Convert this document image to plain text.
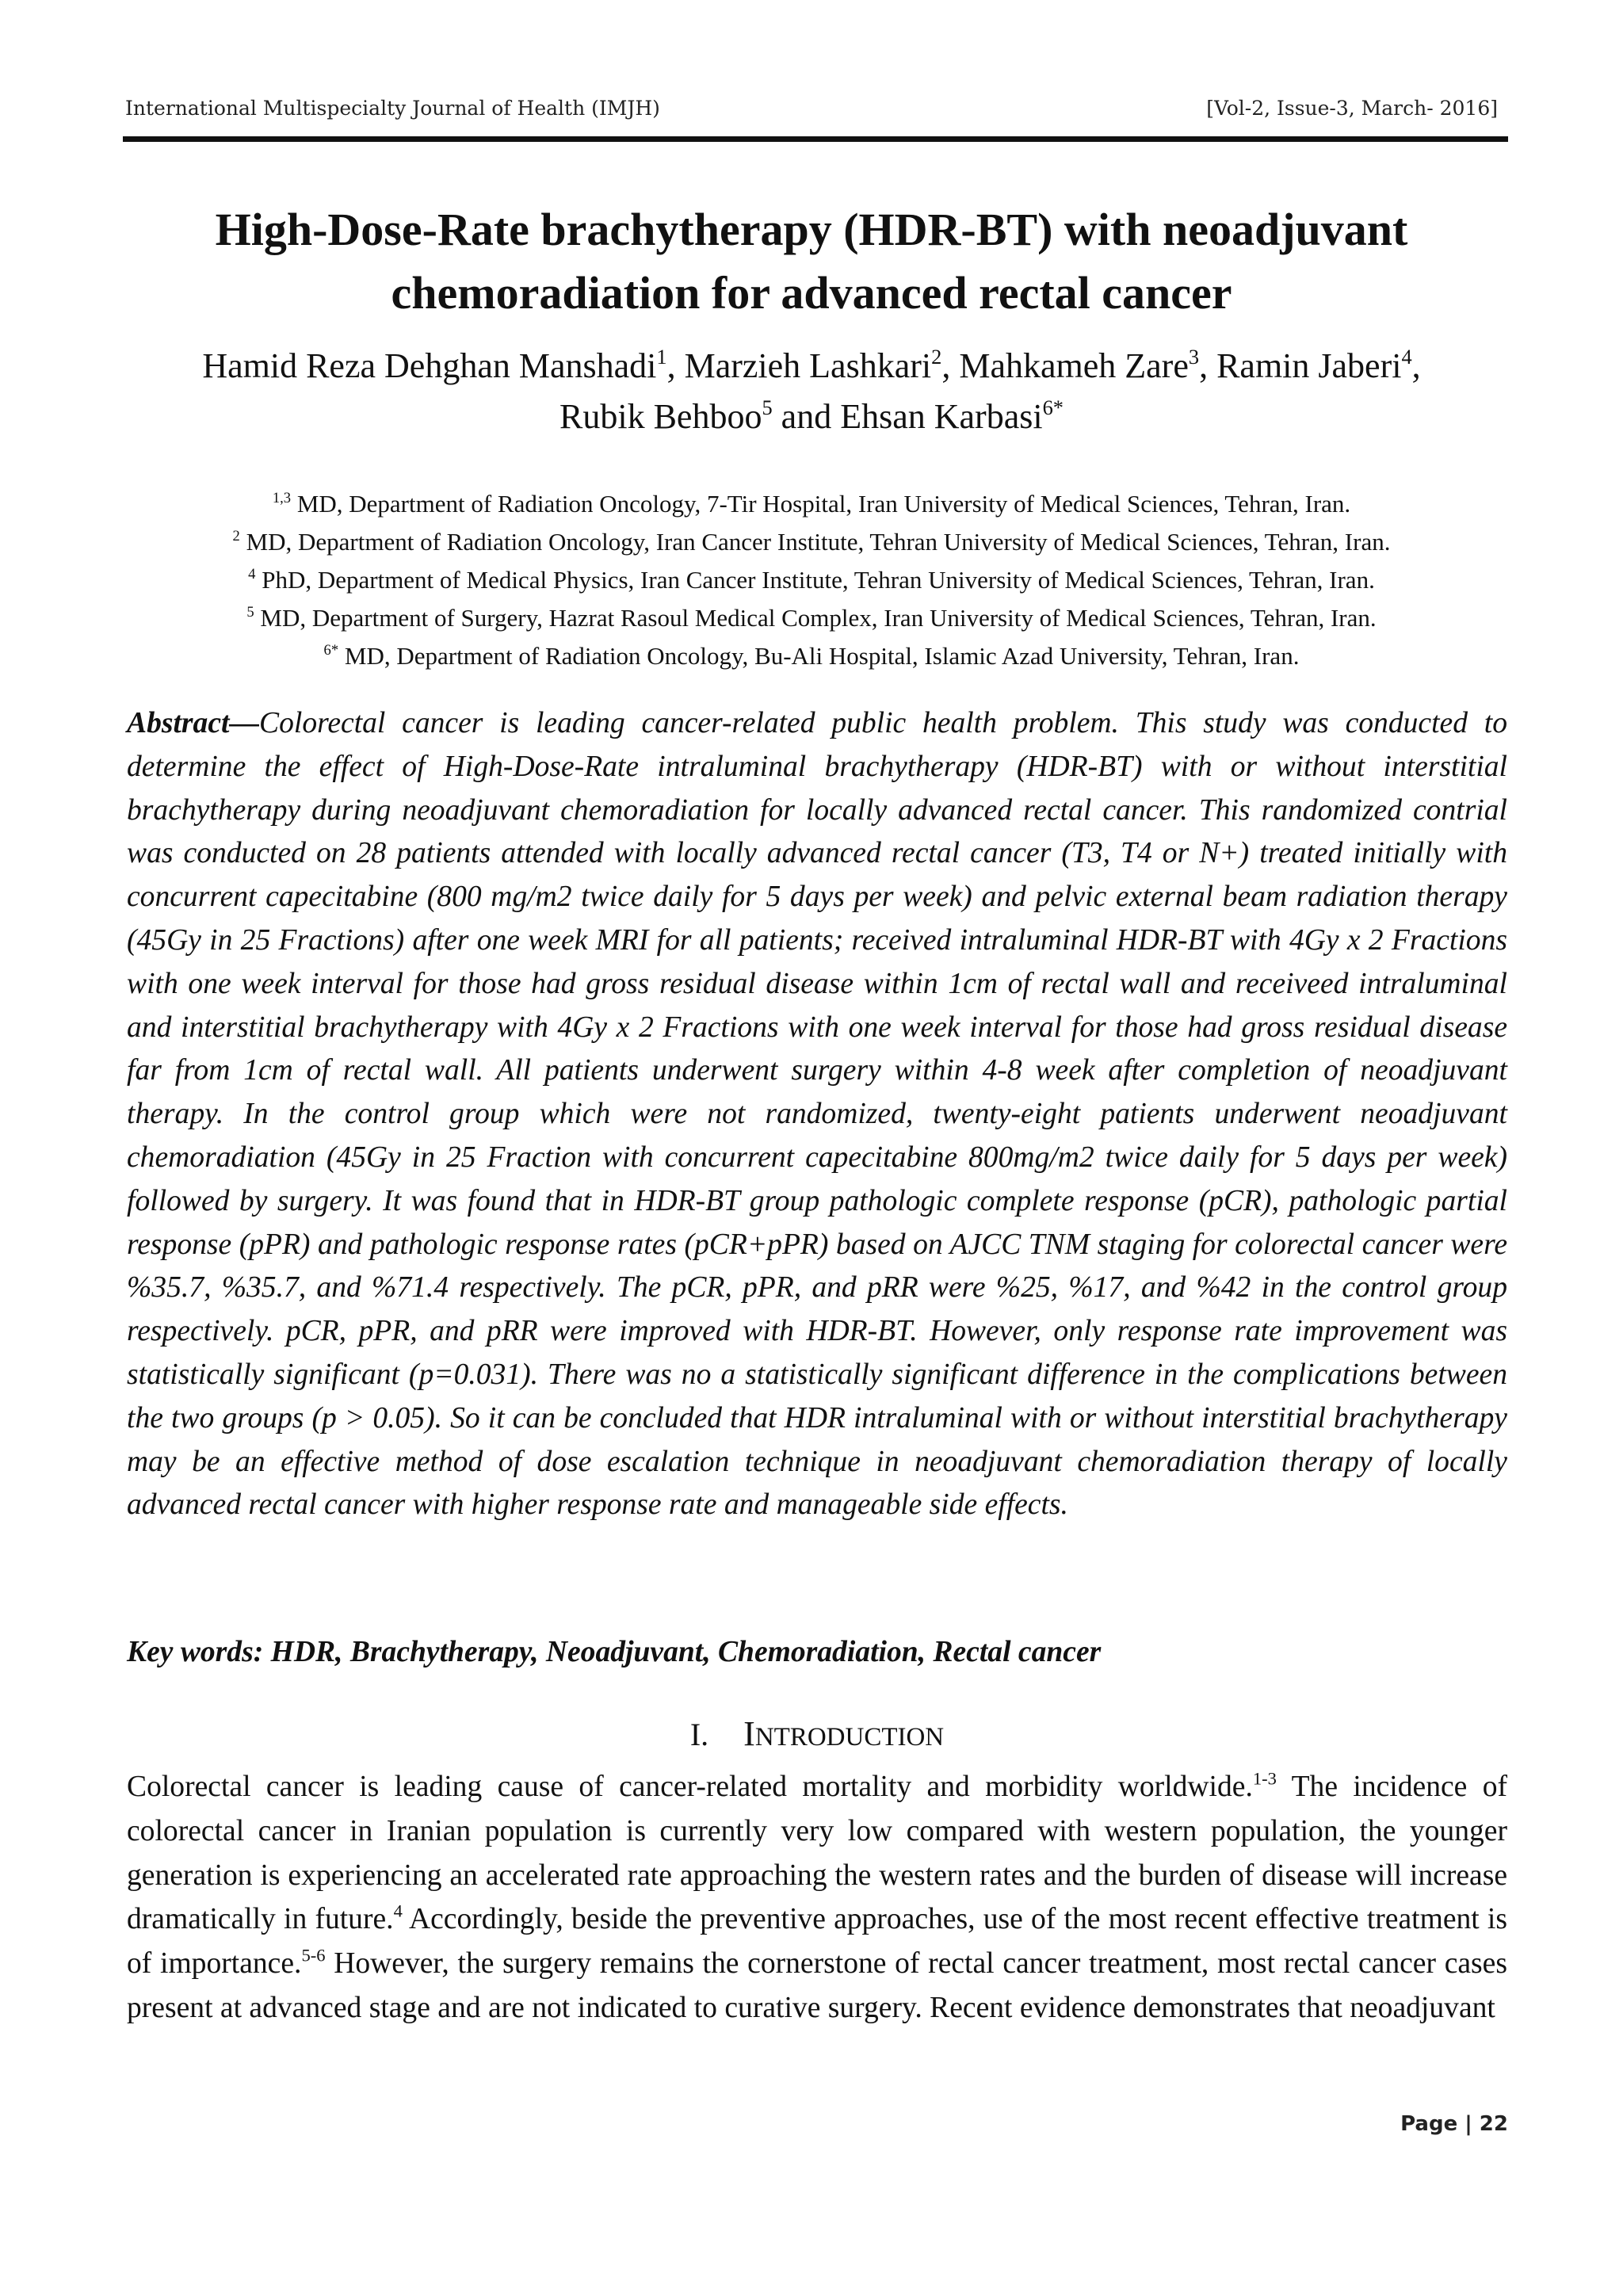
International Multispecialty Journal of Health (IMJH)	[Vol-2, Issue-3, March- 2016]
High-Dose-Rate brachytherapy (HDR-BT) with neoadjuvant
chemoradiation for advanced rectal cancer
Hamid Reza Dehghan Manshadi$^1$, Marzieh Lashkari$^2$, Mahkameh Zare$^3$, Ramin Jaberi$^4$,
Rubik Behboo$^5$ and Ehsan Karbasi$^{6*}$
$^{1,3}$ MD, Department of Radiation Oncology, 7-Tir Hospital, Iran University of Medical Sciences, Tehran, Iran.
$^2$ MD, Department of Radiation Oncology, Iran Cancer Institute, Tehran University of Medical Sciences, Tehran, Iran.
$^4$ PhD, Department of Medical Physics, Iran Cancer Institute, Tehran University of Medical Sciences, Tehran, Iran.
$^5$ MD, Department of Surgery, Hazrat Rasoul Medical Complex, Iran University of Medical Sciences, Tehran, Iran.
$^{6*}$ MD, Department of Radiation Oncology, Bu-Ali Hospital, Islamic Azad University, Tehran, Iran.

Abstract—Colorectal cancer is leading cancer-related public health problem. This study was conducted to determine the effect of High-Dose-Rate intraluminal brachytherapy (HDR-BT) with or without interstitial brachytherapy during neoadjuvant chemoradiation for locally advanced rectal cancer. This randomized contrial was conducted on 28 patients attended with locally advanced rectal cancer (T3, T4 or N+) treated initially with concurrent capecitabine (800 mg/m2 twice daily for 5 days per week) and pelvic external beam radiation therapy (45Gy in 25 Fractions) after one week MRI for all patients; received intraluminal HDR-BT with 4Gy x 2 Fractions with one week interval for those had gross residual disease within 1cm of rectal wall and receiveed intraluminal and interstitial brachytherapy with 4Gy x 2 Fractions with one week interval for those had gross residual disease far from 1cm of rectal wall. All patients underwent surgery within 4-8 week after completion of neoadjuvant therapy. In the control group which were not randomized, twenty-eight patients underwent neoadjuvant chemoradiation (45Gy in 25 Fraction with concurrent capecitabine 800mg/m2 twice daily for 5 days per week) followed by surgery. It was found that in HDR-BT group pathologic complete response (pCR), pathologic partial response (pPR) and pathologic response rates (pCR+pPR) based on AJCC TNM staging for colorectal cancer were %35.7, %35.7, and %71.4 respectively. The pCR, pPR, and pRR were %25, %17, and %42 in the control group respectively. pCR, pPR, and pRR were improved with HDR-BT. However, only response rate improvement was statistically significant (p=0.031). There was no a statistically significant difference in the complications between the two groups (p > 0.05). So it can be concluded that HDR intraluminal with or without interstitial brachytherapy may be an effective method of dose escalation technique in neoadjuvant chemoradiation therapy of locally advanced rectal cancer with higher response rate and manageable side effects.

Key words: HDR, Brachytherapy, Neoadjuvant, Chemoradiation, Rectal cancer
I. INTRODUCTION

Colorectal cancer is leading cause of cancer-related mortality and morbidity worldwide.$^{1-3}$ The incidence of colorectal cancer in Iranian population is currently very low compared with western population, the younger generation is experiencing an accelerated rate approaching the western rates and the burden of disease will increase dramatically in future.$^4$ Accordingly, beside the preventive approaches, use of the most recent effective treatment is of importance.$^{5-6}$ However, the surgery remains the cornerstone of rectal cancer treatment, most rectal cancer cases present at advanced stage and are not indicated to curative surgery. Recent evidence demonstrates that neoadjuvant

Page | 22
